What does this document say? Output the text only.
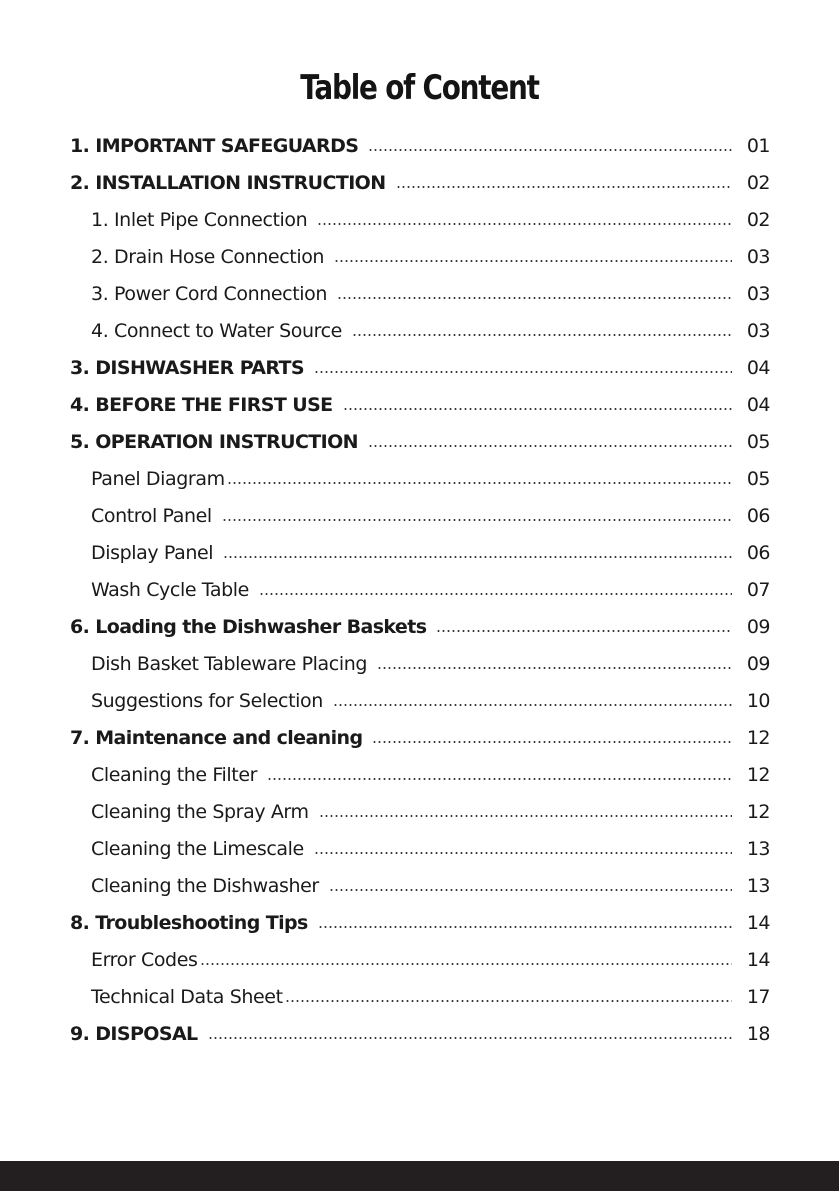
Table of Content
1. IMPORTANT SAFEGUARDS	01
2. INSTALLATION INSTRUCTION	02
1. Inlet Pipe Connection	02
2. Drain Hose Connection	03
3. Power Cord Connection	03
4. Connect to Water Source	03
3. DISHWASHER PARTS	04
4. BEFORE THE FIRST USE	04
5. OPERATION INSTRUCTION	05
Panel Diagram	05
Control Panel	06
Display Panel	06
Wash Cycle Table	07
6. Loading the Dishwasher Baskets	09
Dish Basket Tableware Placing	09
Suggestions for Selection	10
7. Maintenance and cleaning	12
Cleaning the Filter	12
Cleaning the Spray Arm	12
Cleaning the Limescale	13
Cleaning the Dishwasher	13
8. Troubleshooting Tips	14
Error Codes	14
Technical Data Sheet	17
9. DISPOSAL	18
